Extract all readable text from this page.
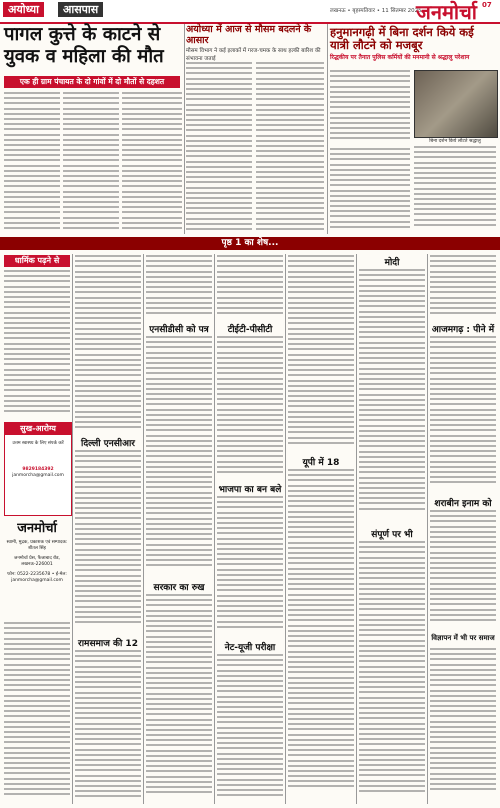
अयोध्या	आसपास	लखनऊ • बृहस्पतिवार • 11 सितम्बर 2025
जनमोर्चा 07
पागल कुत्ते के काटने से युवक व महिला की मौत
एक ही ग्राम पंचायत के दो गांवों में दो मौतों से दहशत
अयोध्या में आज से मौसम बदलने के आसार
मौसम विभाग ने कई इलाकों में गरज-चमक के साथ हल्की बारिश की संभावना जताई
हनुमानगढ़ी में बिना दर्शन किये कई यात्री लौटने को मजबूर
रिद्धकीय पर तैनात पुलिस कर्मियों की मनमानी से श्रद्धालु परेशान
बिना दर्शन किये लौटते श्रद्धालु
पृष्ठ 1 का शेष...
धार्मिक पढ़ने से
सुख-आरोग्य
उत्तम स्वास्थ्य के लिए संपर्क करें
9829184392
janmorcha@gmail.com
जनमोर्चा
स्वामी, मुद्रक, प्रकाशक एवं सम्पादक: शीतल सिंह
जनमोर्चा प्रेस, फैजाबाद रोड, लखनऊ-226001
फोन: 0522-2235678 • ई-मेल: janmorcha@gmail.com
दिल्ली एनसीआर
रामसमाज की 12
एनसीडीसी को पत्र
सरकार का रुख
टीईटी-पीसीटी
भाजपा का बन बले
नेट-यूजी परीक्षा
यूपी में 18
मोदी
संपूर्ण पर भी
आजमगढ़ : पीने में
शराबीन इनाम को
विज्ञापन में भी पर समाज
